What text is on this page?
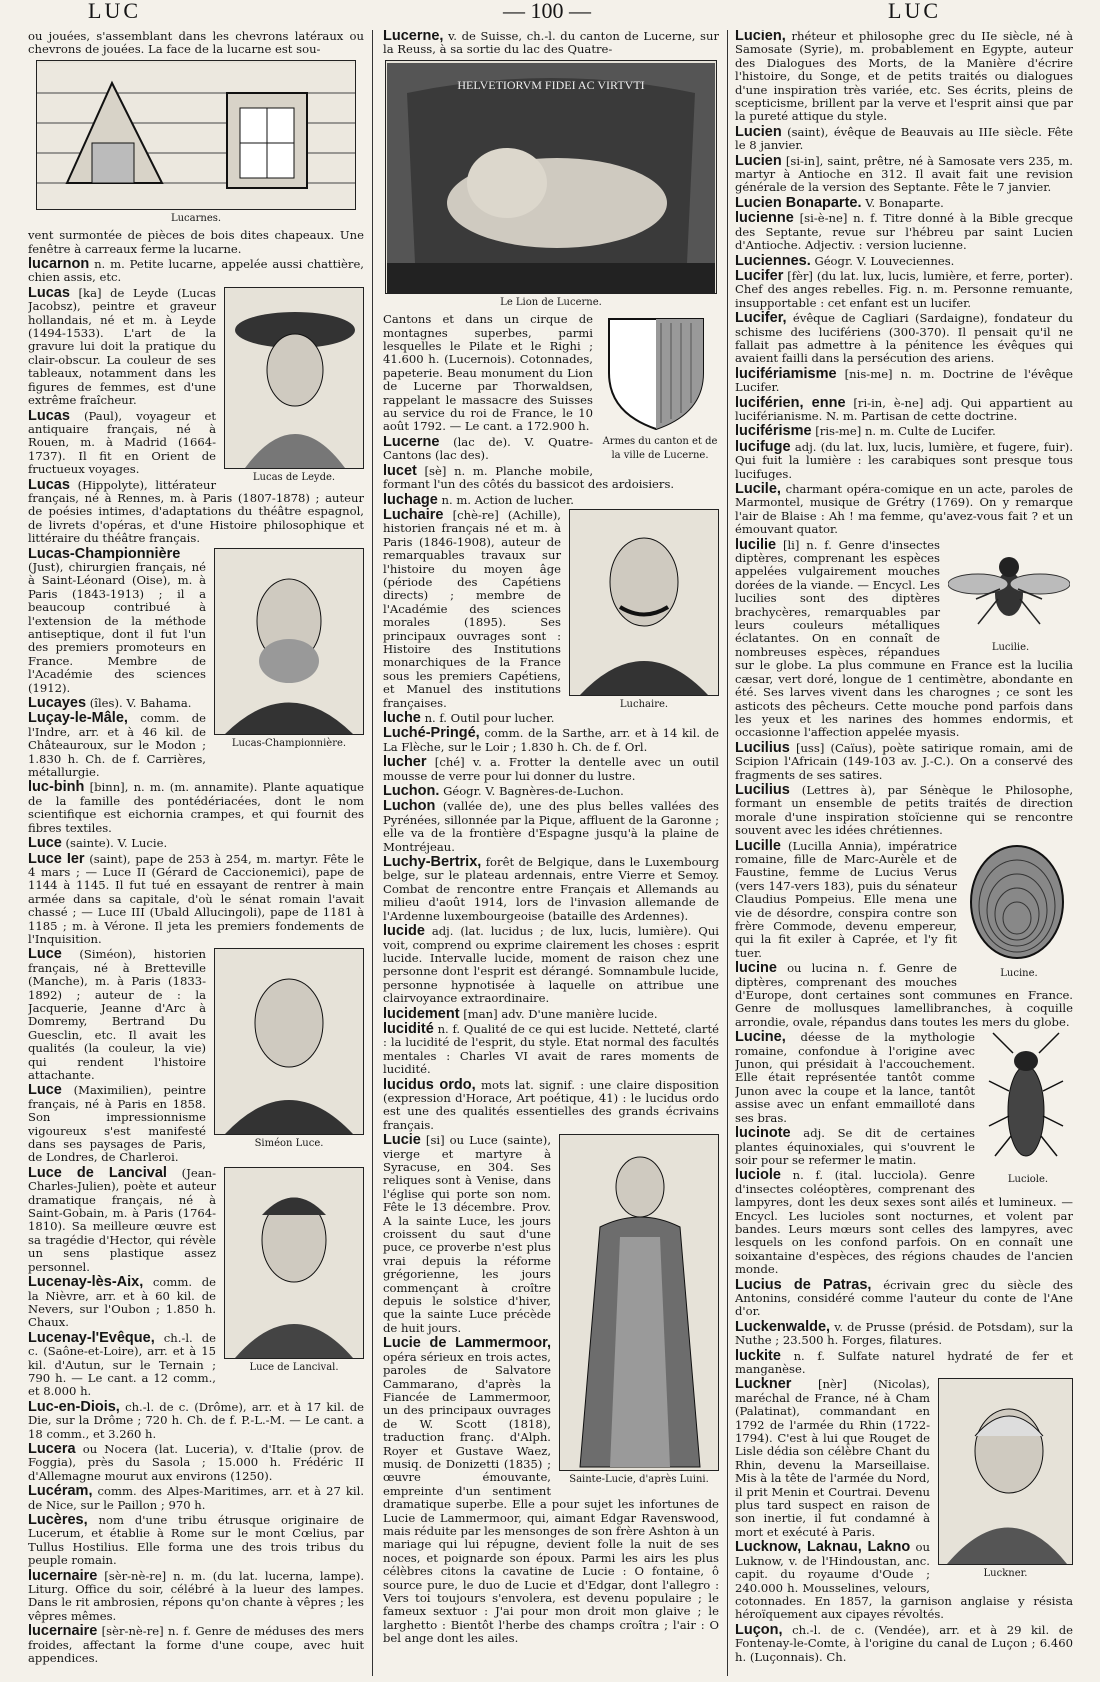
LUC	— 100 —	LUC

ou jouées, s'assemblant dans les chevrons latéraux ou chevrons de jouées. La face de la lucarne est sou-

Lucarnes.

vent surmontée de pièces de bois dites chapeaux. Une fenêtre à carreaux ferme la lucarne.

lucarnon n. m. Petite lucarne, appelée aussi chattière, chien assis, etc.

Lucas de Leyde.

Lucas [ka] de Leyde (Lucas Jacobsz), peintre et graveur hollandais, né et m. à Leyde (1494-1533). L'art de la gravure lui doit la pratique du clair-obscur. La couleur de ses tableaux, notamment dans les figures de femmes, est d'une extrême fraîcheur.

Lucas (Paul), voyageur et antiquaire français, né à Rouen, m. à Madrid (1664-1737). Il fit en Orient de fructueux voyages.

Lucas (Hippolyte), littérateur français, né à Rennes, m. à Paris (1807-1878) ; auteur de poésies intimes, d'adaptations du théâtre espagnol, de livrets d'opéras, et d'une Histoire philosophique et littéraire du théâtre français.

Lucas-Championnière.

Lucas-Championnière (Just), chirurgien français, né à Saint-Léonard (Oise), m. à Paris (1843-1913) ; il a beaucoup contribué à l'extension de la méthode antiseptique, dont il fut l'un des premiers promoteurs en France. Membre de l'Académie des sciences (1912).

Lucayes (îles). V. Bahama.

Luçay-le-Mâle, comm. de l'Indre, arr. et à 46 kil. de Châteauroux, sur le Modon ; 1.830 h. Ch. de f. Carrières, métallurgie.

luc-binh [binn], n. m. (m. annamite). Plante aquatique de la famille des pontédériacées, dont le nom scientifique est eichornia crampes, et qui fournit des fibres textiles.

Luce (sainte). V. Lucie.

Luce Ier (saint), pape de 253 à 254, m. martyr. Fête le 4 mars ; — Luce II (Gérard de Caccionemici), pape de 1144 à 1145. Il fut tué en essayant de rentrer à main armée dans sa capitale, d'où le sénat romain l'avait chassé ; — Luce III (Ubald Allucingoli), pape de 1181 à 1185 ; m. à Vérone. Il jeta les premiers fondements de l'Inquisition.

Siméon Luce.

Luce (Siméon), historien français, né à Bretteville (Manche), m. à Paris (1833-1892) ; auteur de : la Jacquerie, Jeanne d'Arc à Domremy, Bertrand Du Guesclin, etc. Il avait les qualités (la couleur, la vie) qui rendent l'histoire attachante.

Luce (Maximilien), peintre français, né à Paris en 1858. Son impressionnisme vigoureux s'est manifesté dans ses paysages de Paris, de Londres, de Charleroi.

Luce de Lancival.

Luce de Lancival (Jean-Charles-Julien), poète et auteur dramatique français, né à Saint-Gobain, m. à Paris (1764-1810). Sa meilleure œuvre est sa tragédie d'Hector, qui révèle un sens plastique assez personnel.

Lucenay-lès-Aix, comm. de la Nièvre, arr. et à 60 kil. de Nevers, sur l'Oubon ; 1.850 h. Chaux.

Lucenay-l'Evêque, ch.-l. de c. (Saône-et-Loire), arr. et à 15 kil. d'Autun, sur le Ternain ; 790 h. — Le cant. a 12 comm., et 8.000 h.

Luc-en-Diois, ch.-l. de c. (Drôme), arr. et à 17 kil. de Die, sur la Drôme ; 720 h. Ch. de f. P.-L.-M. — Le cant. a 18 comm., et 3.260 h.

Lucera ou Nocera (lat. Luceria), v. d'Italie (prov. de Foggia), près du Sasola ; 15.000 h. Frédéric II d'Allemagne mourut aux environs (1250).

Lucéram, comm. des Alpes-Maritimes, arr. et à 27 kil. de Nice, sur le Paillon ; 970 h.

Lucères, nom d'une tribu étrusque originaire de Lucerum, et établie à Rome sur le mont Cœlius, par Tullus Hostilius. Elle forma une des trois tribus du peuple romain.

lucernaire [sèr-nè-re] n. m. (du lat. lucerna, lampe). Liturg. Office du soir, célébré à la lueur des lampes. Dans le rit ambrosien, répons qu'on chante à vêpres ; les vêpres mêmes.

lucernaire [sèr-nè-re] n. f. Genre de méduses des mers froides, affectant la forme d'une coupe, avec huit appendices.

Lucerne, v. de Suisse, ch.-l. du canton de Lucerne, sur la Reuss, à sa sortie du lac des Quatre-

HELVETIORVM FIDEI AC VIRTVTI
Le Lion de Lucerne.
Armes du canton et de la ville de Lucerne.

Cantons et dans un cirque de montagnes superbes, parmi lesquelles le Pilate et le Righi ; 41.600 h. (Lucernois). Cotonnades, papeterie. Beau monument du Lion de Lucerne par Thorwaldsen, rappelant le massacre des Suisses au service du roi de France, le 10 août 1792. — Le cant. a 172.900 h.

Lucerne (lac de). V. Quatre-Cantons (lac des).

lucet [sè] n. m. Planche mobile, formant l'un des côtés du bassicot des ardoisiers.

luchage n. m. Action de lucher.

Luchaire.

Luchaire [chè-re] (Achille), historien français né et m. à Paris (1846-1908), auteur de remarquables travaux sur l'histoire du moyen âge (période des Capétiens directs) ; membre de l'Académie des sciences morales (1895). Ses principaux ouvrages sont : Histoire des Institutions monarchiques de la France sous les premiers Capétiens, et Manuel des institutions françaises.

luche n. f. Outil pour lucher.

Luché-Pringé, comm. de la Sarthe, arr. et à 14 kil. de La Flèche, sur le Loir ; 1.830 h. Ch. de f. Orl.

lucher [ché] v. a. Frotter la dentelle avec un outil mousse de verre pour lui donner du lustre.

Luchon. Géogr. V. Bagnères-de-Luchon.

Luchon (vallée de), une des plus belles vallées des Pyrénées, sillonnée par la Pique, affluent de la Garonne ; elle va de la frontière d'Espagne jusqu'à la plaine de Montréjeau.

Luchy-Bertrix, forêt de Belgique, dans le Luxembourg belge, sur le plateau ardennais, entre Vierre et Semoy. Combat de rencontre entre Français et Allemands au milieu d'août 1914, lors de l'invasion allemande de l'Ardenne luxembourgeoise (bataille des Ardennes).

lucide adj. (lat. lucidus ; de lux, lucis, lumière). Qui voit, comprend ou exprime clairement les choses : esprit lucide. Intervalle lucide, moment de raison chez une personne dont l'esprit est dérangé. Somnambule lucide, personne hypnotisée à laquelle on attribue une clairvoyance extraordinaire.

lucidement [man] adv. D'une manière lucide.

lucidité n. f. Qualité de ce qui est lucide. Netteté, clarté : la lucidité de l'esprit, du style. Etat normal des facultés mentales : Charles VI avait de rares moments de lucidité.

lucidus ordo, mots lat. signif. : une claire disposition (expression d'Horace, Art poétique, 41) : le lucidus ordo est une des qualités essentielles des grands écrivains français.

Sainte-Lucie, d'après Luini.

Lucie [si] ou Luce (sainte), vierge et martyre à Syracuse, en 304. Ses reliques sont à Venise, dans l'église qui porte son nom. Fête le 13 décembre. Prov. A la sainte Luce, les jours croissent du saut d'une puce, ce proverbe n'est plus vrai depuis la réforme grégorienne, les jours commençant à croître depuis le solstice d'hiver, que la sainte Luce précède de huit jours.

Lucie de Lammermoor, opéra sérieux en trois actes, paroles de Salvatore Cammarano, d'après la Fiancée de Lammermoor, un des principaux ouvrages de W. Scott (1818), traduction franç. d'Alph. Royer et Gustave Waez, musiq. de Donizetti (1835) ; œuvre émouvante, empreinte d'un sentiment dramatique superbe. Elle a pour sujet les infortunes de Lucie de Lammermoor, qui, aimant Edgar Ravenswood, mais réduite par les mensonges de son frère Ashton à un mariage qui lui répugne, devient folle la nuit de ses noces, et poignarde son époux. Parmi les airs les plus célèbres citons la cavatine de Lucie : O fontaine, ô source pure, le duo de Lucie et d'Edgar, dont l'allegro : Vers toi toujours s'envolera, est devenu populaire ; le fameux sextuor : J'ai pour mon droit mon glaive ; le larghetto : Bientôt l'herbe des champs croîtra ; l'air : O bel ange dont les ailes.

Lucien, rhéteur et philosophe grec du IIe siècle, né à Samosate (Syrie), m. probablement en Egypte, auteur des Dialogues des Morts, de la Manière d'écrire l'histoire, du Songe, et de petits traités ou dialogues d'une inspiration très variée, etc. Ses écrits, pleins de scepticisme, brillent par la verve et l'esprit ainsi que par la pureté attique du style.

Lucien (saint), évêque de Beauvais au IIIe siècle. Fête le 8 janvier.

Lucien [si-in], saint, prêtre, né à Samosate vers 235, m. martyr à Antioche en 312. Il avait fait une revision générale de la version des Septante. Fête le 7 janvier.

Lucien Bonaparte. V. Bonaparte.

lucienne [si-è-ne] n. f. Titre donné à la Bible grecque des Septante, revue sur l'hébreu par saint Lucien d'Antioche. Adjectiv. : version lucienne.

Luciennes. Géogr. V. Louveciennes.

Lucifer [fèr] (du lat. lux, lucis, lumière, et ferre, porter). Chef des anges rebelles. Fig. n. m. Personne remuante, insupportable : cet enfant est un lucifer.

Lucifer, évêque de Cagliari (Sardaigne), fondateur du schisme des lucifériens (300-370). Il pensait qu'il ne fallait pas admettre à la pénitence les évêques qui avaient failli dans la persécution des ariens.

lucifériamisme [nis-me] n. m. Doctrine de l'évêque Lucifer.

luciférien, enne [ri-in, è-ne] adj. Qui appartient au luciférianisme. N. m. Partisan de cette doctrine.

luciférisme [ris-me] n. m. Culte de Lucifer.

lucifuge adj. (du lat. lux, lucis, lumière, et fugere, fuir). Qui fuit la lumière : les carabiques sont presque tous lucifuges.

Lucile, charmant opéra-comique en un acte, paroles de Marmontel, musique de Grétry (1769). On y remarque l'air de Blaise : Ah ! ma femme, qu'avez-vous fait ? et un émouvant quator.

Lucilie.

lucilie [li] n. f. Genre d'insectes diptères, comprenant les espèces appelées vulgairement mouches dorées de la viande. — Encycl. Les lucilies sont des diptères brachycères, remarquables par leurs couleurs métalliques éclatantes. On en connaît de nombreuses espèces, répandues sur le globe. La plus commune en France est la lucilia cæsar, vert doré, longue de 1 centimètre, abondante en été. Ses larves vivent dans les charognes ; ce sont les asticots des pêcheurs. Cette mouche pond parfois dans les yeux et les narines des hommes endormis, et occasionne l'affection appelée myasis.

Lucilius [uss] (Caïus), poète satirique romain, ami de Scipion l'Africain (149-103 av. J.-C.). On a conservé des fragments de ses satires.

Lucilius (Lettres à), par Sénèque le Philosophe, formant un ensemble de petits traités de direction morale d'une inspiration stoïcienne qui se rencontre souvent avec les idées chrétiennes.

Lucine.

Lucille (Lucilla Annia), impératrice romaine, fille de Marc-Aurèle et de Faustine, femme de Lucius Verus (vers 147-vers 183), puis du sénateur Claudius Pompeius. Elle mena une vie de désordre, conspira contre son frère Commode, devenu empereur, qui la fit exiler à Caprée, et l'y fit tuer.

lucine ou lucina n. f. Genre de diptères, comprenant des mouches d'Europe, dont certaines sont communes en France. Genre de mollusques lamellibranches, à coquille arrondie, ovale, répandus dans toutes les mers du globe.

Luciole.

Lucine, déesse de la mythologie romaine, confondue à l'origine avec Junon, qui présidait à l'accouchement. Elle était représentée tantôt comme Junon avec la coupe et la lance, tantôt assise avec un enfant emmailloté dans ses bras.

lucinote adj. Se dit de certaines plantes équinoxiales, qui s'ouvrent le soir pour se refermer le matin.

luciole n. f. (ital. lucciola). Genre d'insectes coléoptères, comprenant des lampyres, dont les deux sexes sont ailés et lumineux. — Encycl. Les lucioles sont nocturnes, et volent par bandes. Leurs mœurs sont celles des lampyres, avec lesquels on les confond parfois. On en connaît une soixantaine d'espèces, des régions chaudes de l'ancien monde.

Lucius de Patras, écrivain grec du siècle des Antonins, considéré comme l'auteur du conte de l'Ane d'or.

Luckenwalde, v. de Prusse (présid. de Potsdam), sur la Nuthe ; 23.500 h. Forges, filatures.

luckite n. f. Sulfate naturel hydraté de fer et manganèse.

Luckner.

Luckner [nèr] (Nicolas), maréchal de France, né à Cham (Palatinat), commandant en 1792 de l'armée du Rhin (1722-1794). C'est à lui que Rouget de Lisle dédia son célèbre Chant du Rhin, devenu la Marseillaise. Mis à la tête de l'armée du Nord, il prit Menin et Courtrai. Devenu plus tard suspect en raison de son inertie, il fut condamné à mort et exécuté à Paris.

Lucknow, Laknau, Lakno ou Luknow, v. de l'Hindoustan, anc. capit. du royaume d'Oude ; 240.000 h. Mousselines, velours, cotonnades. En 1857, la garnison anglaise y résista héroïquement aux cipayes révoltés.

Luçon, ch.-l. de c. (Vendée), arr. et à 29 kil. de Fontenay-le-Comte, à l'origine du canal de Luçon ; 6.460 h. (Luçonnais). Ch.
